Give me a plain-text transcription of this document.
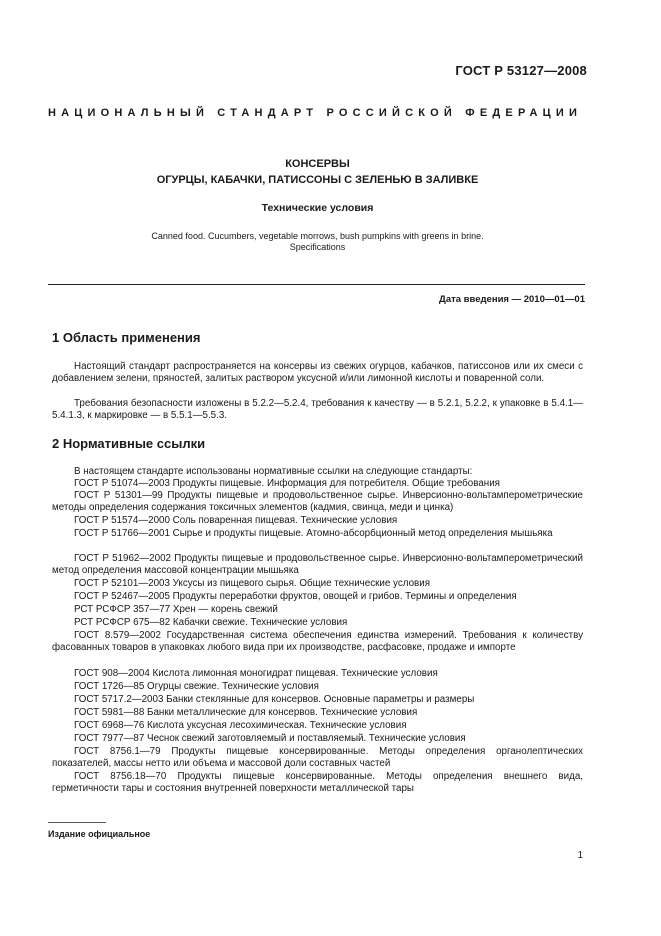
ГОСТ Р 53127—2008
НАЦИОНАЛЬНЫЙ СТАНДАРТ РОССИЙСКОЙ ФЕДЕРАЦИИ
КОНСЕРВЫ
ОГУРЦЫ, КАБАЧКИ, ПАТИССОНЫ С ЗЕЛЕНЬЮ В ЗАЛИВКЕ
Технические условия
Canned food. Cucumbers, vegetable morrows, bush pumpkins with greens in brine.
Specifications
Дата введения — 2010—01—01
1 Область применения
Настоящий стандарт распространяется на консервы из свежих огурцов, кабачков, патиссонов или их смеси с добавлением зелени, пряностей, залитых раствором уксусной и/или лимонной кислоты и поваренной соли.
Требования безопасности изложены в 5.2.2—5.2.4, требования к качеству — в 5.2.1, 5.2.2, к упаковке в 5.4.1—5.4.1.3, к маркировке — в 5.5.1—5.5.3.
2 Нормативные ссылки
В настоящем стандарте использованы нормативные ссылки на следующие стандарты:
ГОСТ Р 51074—2003 Продукты пищевые. Информация для потребителя. Общие требования
ГОСТ Р 51301—99 Продукты пищевые и продовольственное сырье. Инверсионно-вольтамперометрические методы определения содержания токсичных элементов (кадмия, свинца, меди и цинка)
ГОСТ Р 51574—2000 Соль поваренная пищевая. Технические условия
ГОСТ Р 51766—2001 Сырье и продукты пищевые. Атомно-абсорбционный метод определения мышьяка
ГОСТ Р 51962—2002 Продукты пищевые и продовольственное сырье. Инверсионно-вольтамперометрический метод определения массовой концентрации мышьяка
ГОСТ Р 52101—2003 Уксусы из пищевого сырья. Общие технические условия
ГОСТ Р 52467—2005 Продукты переработки фруктов, овощей и грибов. Термины и определения
РСТ РСФСР 357—77 Хрен — корень свежий
РСТ РСФСР 675—82 Кабачки свежие. Технические условия
ГОСТ 8.579—2002 Государственная система обеспечения единства измерений. Требования к количеству фасованных товаров в упаковках любого вида при их производстве, расфасовке, продаже и импорте
ГОСТ 908—2004 Кислота лимонная моногидрат пищевая. Технические условия
ГОСТ 1726—85 Огурцы свежие. Технические условия
ГОСТ 5717.2—2003 Банки стеклянные для консервов. Основные параметры и размеры
ГОСТ 5981—88 Банки металлические для консервов. Технические условия
ГОСТ 6968—76 Кислота уксусная лесохимическая. Технические условия
ГОСТ 7977—87 Чеснок свежий заготовляемый и поставляемый. Технические условия
ГОСТ 8756.1—79 Продукты пищевые консервированные. Методы определения органолептических показателей, массы нетто или объема и массовой доли составных частей
ГОСТ 8756.18—70 Продукты пищевые консервированные. Методы определения внешнего вида, герметичности тары и состояния внутренней поверхности металлической тары
Издание официальное
1
